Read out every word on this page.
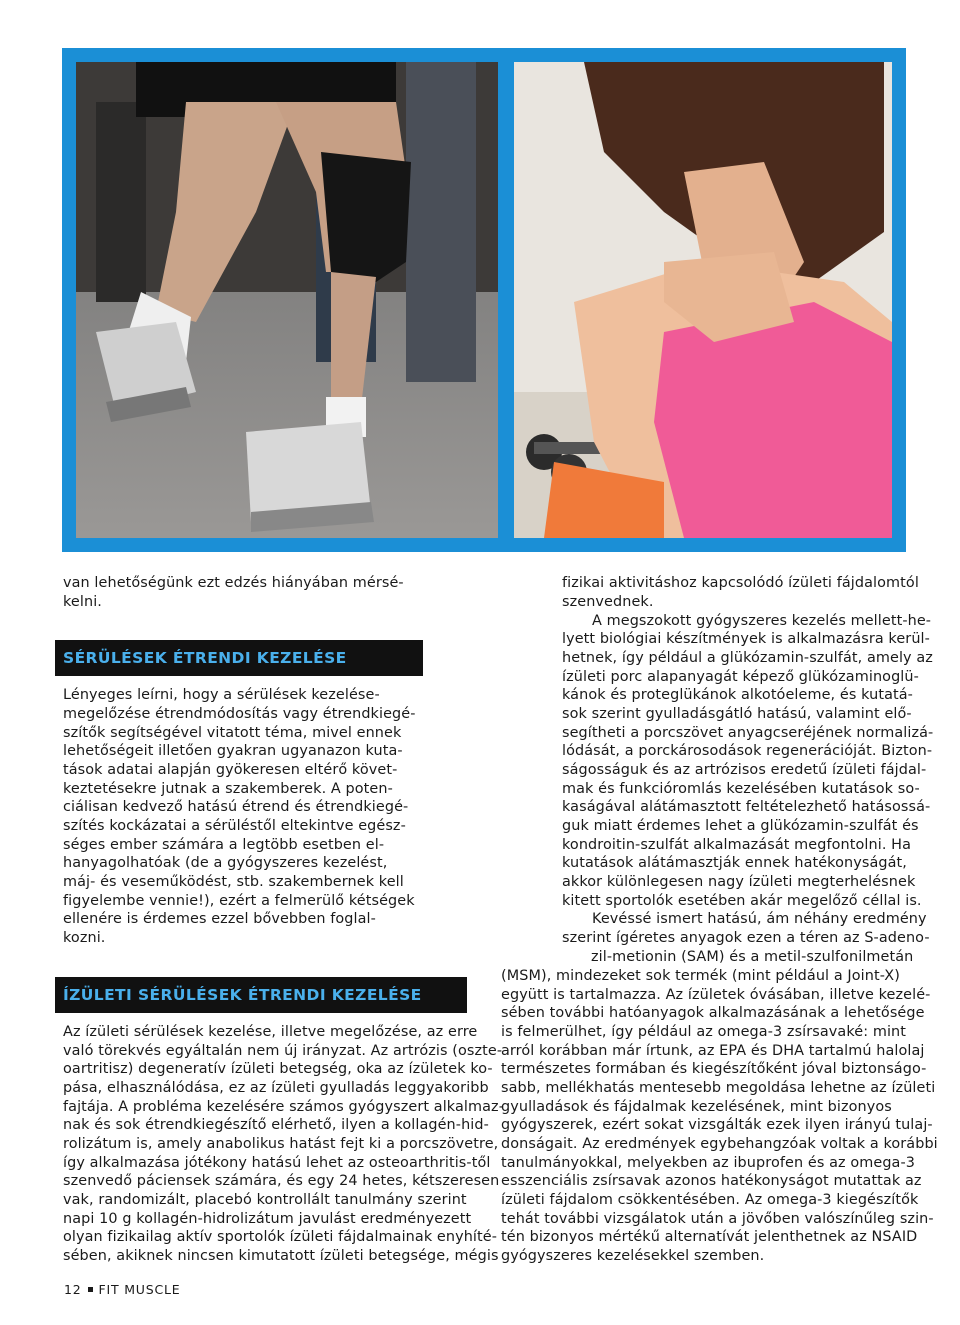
van lehetőségünk ezt edzés hiányában mérsé-
kelni.
SÉRÜLÉSEK ÉTRENDI KEZELÉSE
Lényeges leírni, hogy a sérülések kezelése-
megelőzése étrendmódosítás vagy étrendkiegé-
szítők segítségével vitatott téma, mivel ennek
lehetőségeit illetően gyakran ugyanazon kuta-
tások adatai alapján gyökeresen eltérő követ-
keztetésekre jutnak a szakemberek. A poten-
ciálisan kedvező hatású étrend és étrendkiegé-
szítés kockázatai a sérüléstől eltekintve egész-
séges ember számára a legtöbb esetben el-
hanyagolhatóak (de a gyógyszeres kezelést,
máj- és veseműködést, stb. szakembernek kell
figyelembe vennie!), ezért a felmerülő kétségek
ellenére is érdemes ezzel bővebben foglal-
kozni.
ÍZÜLETI SÉRÜLÉSEK ÉTRENDI KEZELÉSE
Az ízületi sérülések kezelése, illetve megelőzése, az erre
való törekvés egyáltalán nem új irányzat. Az artrózis (oszte-
oartritisz) degeneratív ízületi betegség, oka az ízületek ko-
pása, elhasználódása, ez az ízületi gyulladás leggyakoribb
fajtája. A probléma kezelésére számos gyógyszert alkalmaz-
nak és sok étrendkiegészítő elérhető, ilyen a kollagén-hid-
rolizátum is, amely anabolikus hatást fejt ki a porcszövetre,
így alkalmazása jótékony hatású lehet az osteoarthritis-től
szenvedő páciensek számára, és egy 24 hetes, kétszeresen
vak, randomizált, placebó kontrollált tanulmány szerint
napi 10 g kollagén-hidrolizátum javulást eredményezett
olyan fizikailag aktív sportolók ízületi fájdalmainak enyhíté-
sében, akiknek nincsen kimutatott ízületi betegsége, mégis
fizikai aktivitáshoz kapcsolódó ízületi fájdalomtól
szenvednek.
A megszokott gyógyszeres kezelés mellett-he-
lyett biológiai készítmények is alkalmazásra kerül-
hetnek, így például a glükózamin-szulfát, amely az
ízületi porc alapanyagát képező glükózaminoglü-
kánok és proteglükánok alkotóeleme, és kutatá-
sok szerint gyulladásgátló hatású, valamint elő-
segítheti a porcszövet anyagcseréjének normalizá-
lódását, a porckárosodások regenerációját. Bizton-
ságosságuk és az artrózisos eredetű ízületi fájdal-
mak és funkcióromlás kezelésében kutatások so-
kaságával alátámasztott feltételezhető hatásossá-
guk miatt érdemes lehet a glükózamin-szulfát és
kondroitin-szulfát alkalmazását megfontolni. Ha
kutatások alátámasztják ennek hatékonyságát,
akkor különlegesen nagy ízületi megterhelésnek
kitett sportolók esetében akár megelőző céllal is.
Kevéssé ismert hatású, ám néhány eredmény
szerint ígéretes anyagok ezen a téren az S-adeno-
zil-metionin (SAM) és a metil-szulfonilmetán
(MSM), mindezeket sok termék (mint például a Joint-X)
együtt is tartalmazza. Az ízületek óvásában, illetve kezelé-
sében további hatóanyagok alkalmazásának a lehetősége
is felmerülhet, így például az omega-3 zsírsavaké: mint
arról korábban már írtunk, az EPA és DHA tartalmú halolaj
természetes formában és kiegészítőként jóval biztonságo-
sabb, mellékhatás mentesebb megoldása lehetne az ízületi
gyulladások és fájdalmak kezelésének, mint bizonyos
gyógyszerek, ezért sokat vizsgálták ezek ilyen irányú tulaj-
donságait. Az eredmények egybehangzóak voltak a korábbi
tanulmányokkal, melyekben az ibuprofen és az omega-3
esszenciális zsírsavak azonos hatékonyságot mutattak az
ízületi fájdalom csökkentésében. Az omega-3 kiegészítők
tehát további vizsgálatok után a jövőben valószínűleg szin-
tén bizonyos mértékű alternatívát jelenthetnek az NSAID
gyógyszeres kezelésekkel szemben.
12 FIT MUSCLE
